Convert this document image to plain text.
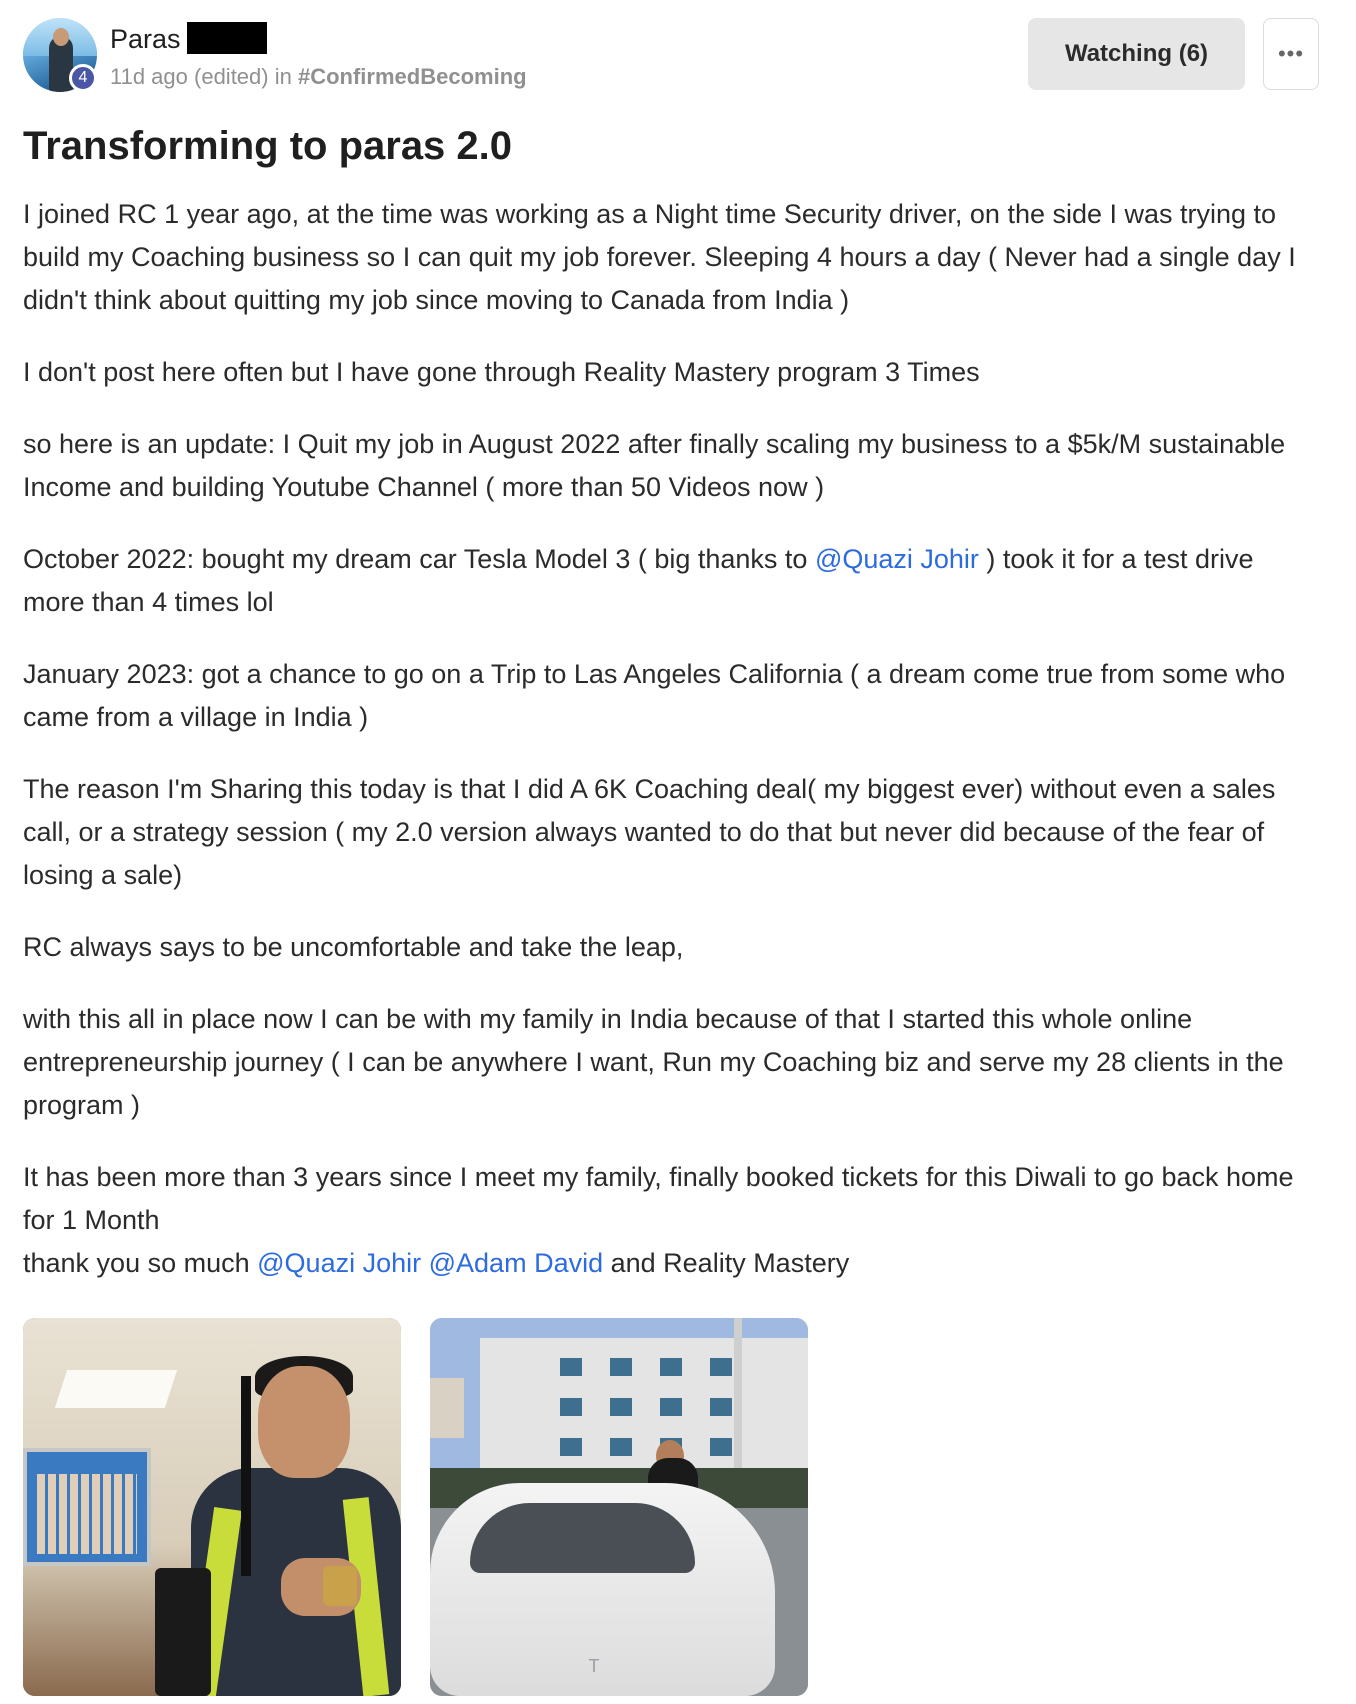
4
Paras
11d ago (edited) in #ConfirmedBecoming
Watching (6)	•••
Transforming to paras 2.0

I joined RC 1 year ago, at the time was working as a Night time Security driver, on the side I was trying to build my Coaching business so I can quit my job forever. Sleeping 4 hours a day ( Never had a single day I didn't think about quitting my job since moving to Canada from India )

I don't post here often but I have gone through Reality Mastery program 3 Times

so here is an update: I Quit my job in August 2022 after finally scaling my business to a $5k/M sustainable Income and building Youtube Channel ( more than 50 Videos now )

October 2022: bought my dream car Tesla Model 3 ( big thanks to @Quazi Johir ) took it for a test drive more than 4 times lol

January 2023: got a chance to go on a Trip to Las Angeles California ( a dream come true from some who came from a village in India )

The reason I'm Sharing this today is that I did A 6K Coaching deal( my biggest ever) without even a sales call, or a strategy session ( my 2.0 version always wanted to do that but never did because of the fear of losing a sale)

RC always says to be uncomfortable and take the leap,

with this all in place now I can be with my family in India because of that I started this whole online entrepreneurship journey ( I can be anywhere I want, Run my Coaching biz and serve my 28 clients in the program )

It has been more than 3 years since I meet my family, finally booked tickets for this Diwali to go back home for 1 Month
thank you so much @Quazi Johir @Adam David and Reality Mastery

T
